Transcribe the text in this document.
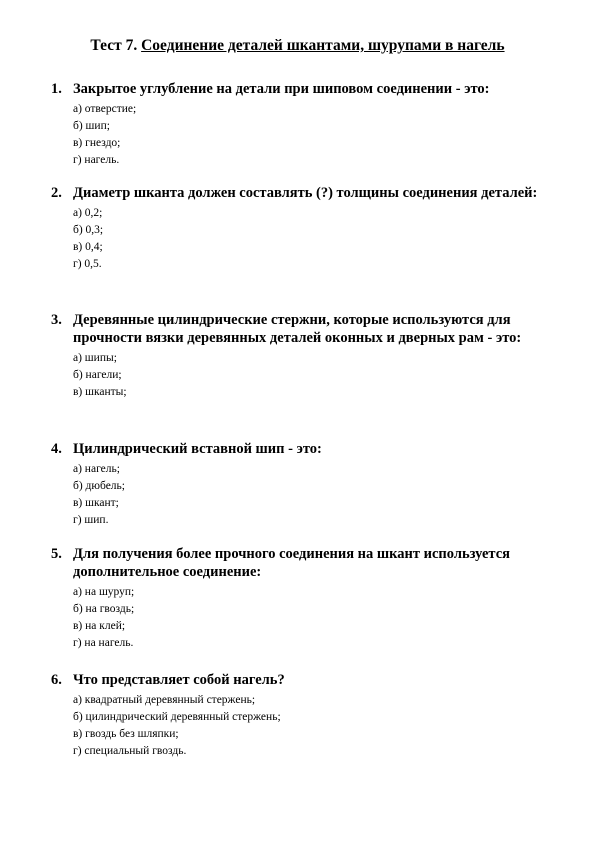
Тест 7. Соединение деталей шкантами, шурупами в нагель
1. Закрытое углубление на детали при шиповом соединении - это:
а) отверстие;
б) шип;
в) гнездо;
г) нагель.
2. Диаметр шканта должен составлять (?) толщины соединения деталей:
а) 0,2;
б) 0,3;
в) 0,4;
г) 0,5.
3. Деревянные цилиндрические стержни, которые используются для прочности вязки деревянных деталей оконных и дверных рам - это:
а) шипы;
б) нагели;
в) шканты;
4. Цилиндрический вставной шип - это:
а) нагель;
б) дюбель;
в) шкант;
г) шип.
5. Для получения более прочного соединения на шкант используется дополнительное соединение:
а) на шуруп;
б) на гвоздь;
в) на клей;
г) на нагель.
6. Что представляет собой нагель?
а) квадратный деревянный стержень;
б) цилиндрический деревянный стержень;
в) гвоздь без шляпки;
г) специальный гвоздь.
